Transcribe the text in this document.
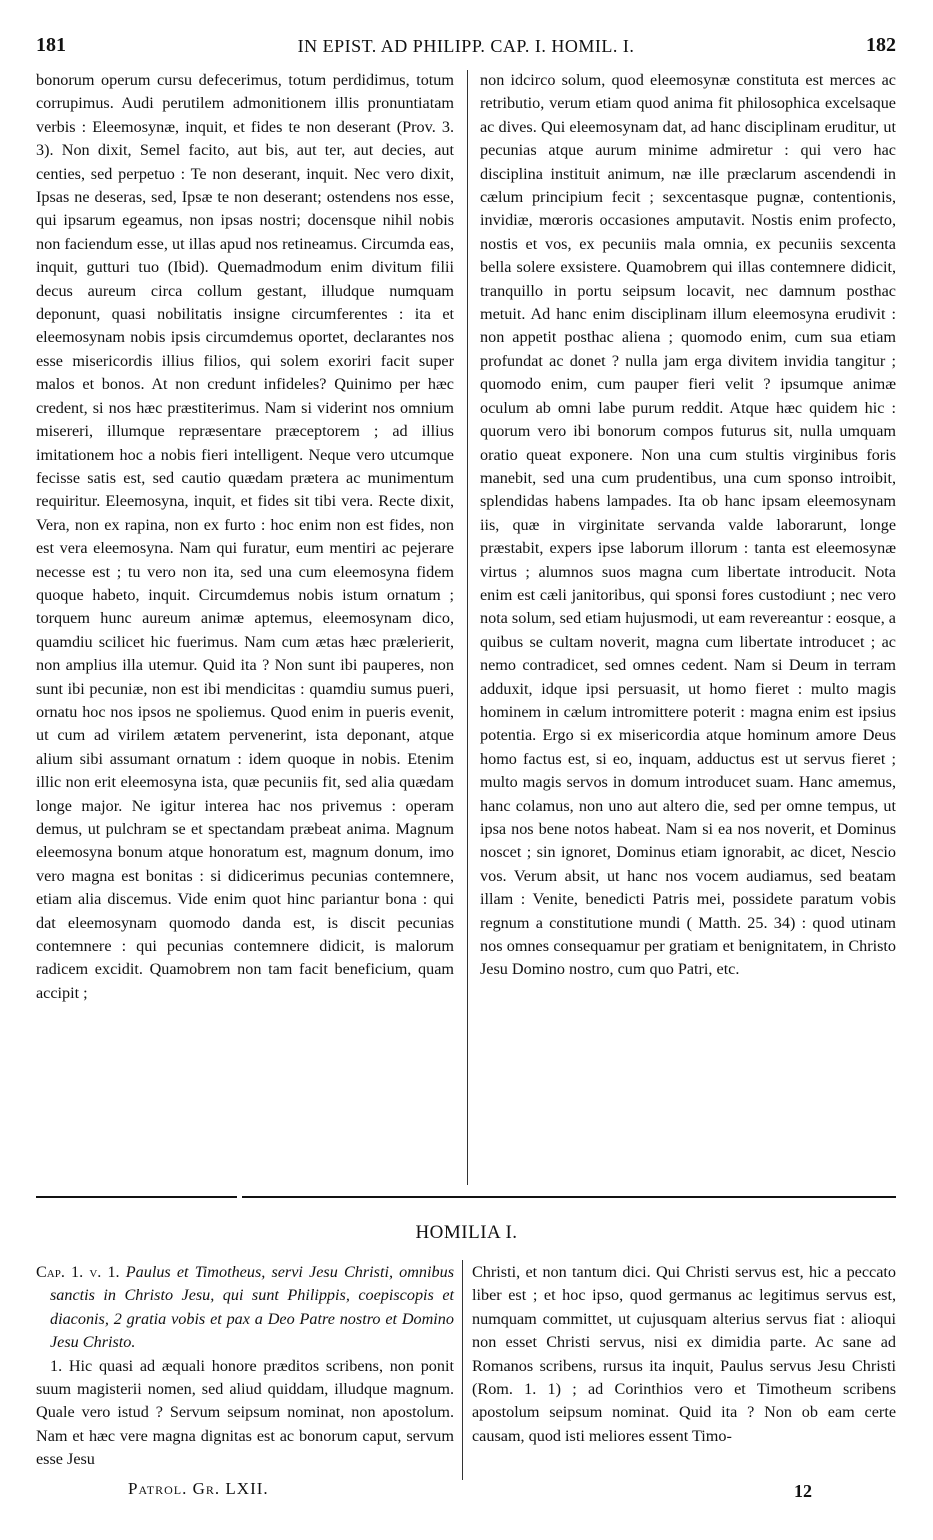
181	IN EPIST. AD PHILIPP. CAP. I. HOMIL. I.	182

bonorum operum cursu defecerimus, totum perdidimus, totum corrupimus. Audi perutilem admonitionem illis pronuntiatam verbis : Eleemosynæ, inquit, et fides te non deserant (Prov. 3. 3). Non dixit, Semel facito, aut bis, aut ter, aut decies, aut centies, sed perpetuo : Te non deserant, inquit. Nec vero dixit, Ipsas ne deseras, sed, Ipsæ te non deserant; ostendens nos esse, qui ipsarum egeamus, non ipsas nostri; docensque nihil nobis non faciendum esse, ut illas apud nos retineamus. Circumda eas, inquit, gutturi tuo (Ibid). Quemadmodum enim divitum filii decus aureum circa collum gestant, illudque numquam deponunt, quasi nobilitatis insigne circumferentes : ita et eleemosynam nobis ipsis circumdemus oportet, declarantes nos esse misericordis illius filios, qui solem exoriri facit super malos et bonos. At non credunt infideles? Quinimo per hæc credent, si nos hæc præstiterimus. Nam si viderint nos omnium misereri, illumque repræsentare præceptorem ; ad illius imitationem hoc a nobis fieri intelligent. Neque vero utcumque fecisse satis est, sed cautio quædam prætera ac munimentum requiritur. Eleemosyna, inquit, et fides sit tibi vera. Recte dixit, Vera, non ex rapina, non ex furto : hoc enim non est fides, non est vera eleemosyna. Nam qui furatur, eum mentiri ac pejerare necesse est ; tu vero non ita, sed una cum eleemosyna fidem quoque habeto, inquit. Circumdemus nobis istum ornatum ; torquem hunc aureum animæ aptemus, eleemosynam dico, quamdiu scilicet hic fuerimus. Nam cum ætas hæc prælerierit, non amplius illa utemur. Quid ita ? Non sunt ibi pauperes, non sunt ibi pecuniæ, non est ibi mendicitas : quamdiu sumus pueri, ornatu hoc nos ipsos ne spoliemus. Quod enim in pueris evenit, ut cum ad virilem ætatem pervenerint, ista deponant, atque alium sibi assumant ornatum : idem quoque in nobis. Etenim illic non erit eleemosyna ista, quæ pecuniis fit, sed alia quædam longe major. Ne igitur interea hac nos privemus : operam demus, ut pulchram se et spectandam præbeat anima. Magnum eleemosyna bonum atque honoratum est, magnum donum, imo vero magna est bonitas : si didicerimus pecunias contemnere, etiam alia discemus. Vide enim quot hinc pariantur bona : qui dat eleemosynam quomodo danda est, is discit pecunias contemnere : qui pecunias contemnere didicit, is malorum radicem excidit. Quamobrem non tam facit beneficium, quam accipit ;

non idcirco solum, quod eleemosynæ constituta est merces ac retributio, verum etiam quod anima fit philosophica excelsaque ac dives. Qui eleemosynam dat, ad hanc disciplinam eruditur, ut pecunias atque aurum minime admiretur : qui vero hac disciplina instituit animum, næ ille præclarum ascendendi in cælum principium fecit ; sexcentasque pugnæ, contentionis, invidiæ, mœroris occasiones amputavit. Nostis enim profecto, nostis et vos, ex pecuniis mala omnia, ex pecuniis sexcenta bella solere exsistere. Quamobrem qui illas contemnere didicit, tranquillo in portu seipsum locavit, nec damnum posthac metuit. Ad hanc enim disciplinam illum eleemosyna erudivit : non appetit posthac aliena ; quomodo enim, cum sua etiam profundat ac donet ? nulla jam erga divitem invidia tangitur ; quomodo enim, cum pauper fieri velit ? ipsumque animæ oculum ab omni labe purum reddit. Atque hæc quidem hic : quorum vero ibi bonorum compos futurus sit, nulla umquam oratio queat exponere. Non una cum stultis virginibus foris manebit, sed una cum prudentibus, una cum sponso introibit, splendidas habens lampades. Ita ob hanc ipsam eleemosynam iis, quæ in virginitate servanda valde laborarunt, longe præstabit, expers ipse laborum illorum : tanta est eleemosynæ virtus ; alumnos suos magna cum libertate introducit. Nota enim est cæli janitoribus, qui sponsi fores custodiunt ; nec vero nota solum, sed etiam hujusmodi, ut eam revereantur : eosque, a quibus se cultam noverit, magna cum libertate introducet ; ac nemo contradicet, sed omnes cedent. Nam si Deum in terram adduxit, idque ipsi persuasit, ut homo fieret : multo magis hominem in cælum intromittere poterit : magna enim est ipsius potentia. Ergo si ex misericordia atque hominum amore Deus homo factus est, si eo, inquam, adductus est ut servus fieret ; multo magis servos in domum introducet suam. Hanc amemus, hanc colamus, non uno aut altero die, sed per omne tempus, ut ipsa nos bene notos habeat. Nam si ea nos noverit, et Dominus noscet ; sin ignoret, Dominus etiam ignorabit, ac dicet, Nescio vos. Verum absit, ut hanc nos vocem audiamus, sed beatam illam : Venite, benedicti Patris mei, possidete paratum vobis regnum a constitutione mundi ( Matth. 25. 34) : quod utinam nos omnes consequamur per gratiam et benignitatem, in Christo Jesu Domino nostro, cum quo Patri, etc.

HOMILIA I.

Cap. 1. v. 1. Paulus et Timotheus, servi Jesu Christi, omnibus sanctis in Christo Jesu, qui sunt Philippis, coepiscopis et diaconis, 2 gratia vobis et pax a Deo Patre nostro et Domino Jesu Christo.

1. Hic quasi ad æquali honore præditos scribens, non ponit suum magisterii nomen, sed aliud quiddam, illudque magnum. Quale vero istud ? Servum seipsum nominat, non apostolum. Nam et hæc vere magna dignitas est ac bonorum caput, servum esse Jesu

Christi, et non tantum dici. Qui Christi servus est, hic a peccato liber est ; et hoc ipso, quod germanus ac legitimus servus est, numquam committet, ut cujusquam alterius servus fiat : alioqui non esset Christi servus, nisi ex dimidia parte. Ac sane ad Romanos scribens, rursus ita inquit, Paulus servus Jesu Christi (Rom. 1. 1) ; ad Corinthios vero et Timotheum scribens apostolum seipsum nominat. Quid ita ? Non ob eam certe causam, quod isti meliores essent Timo-

Patrol. Gr. LXII.	12
